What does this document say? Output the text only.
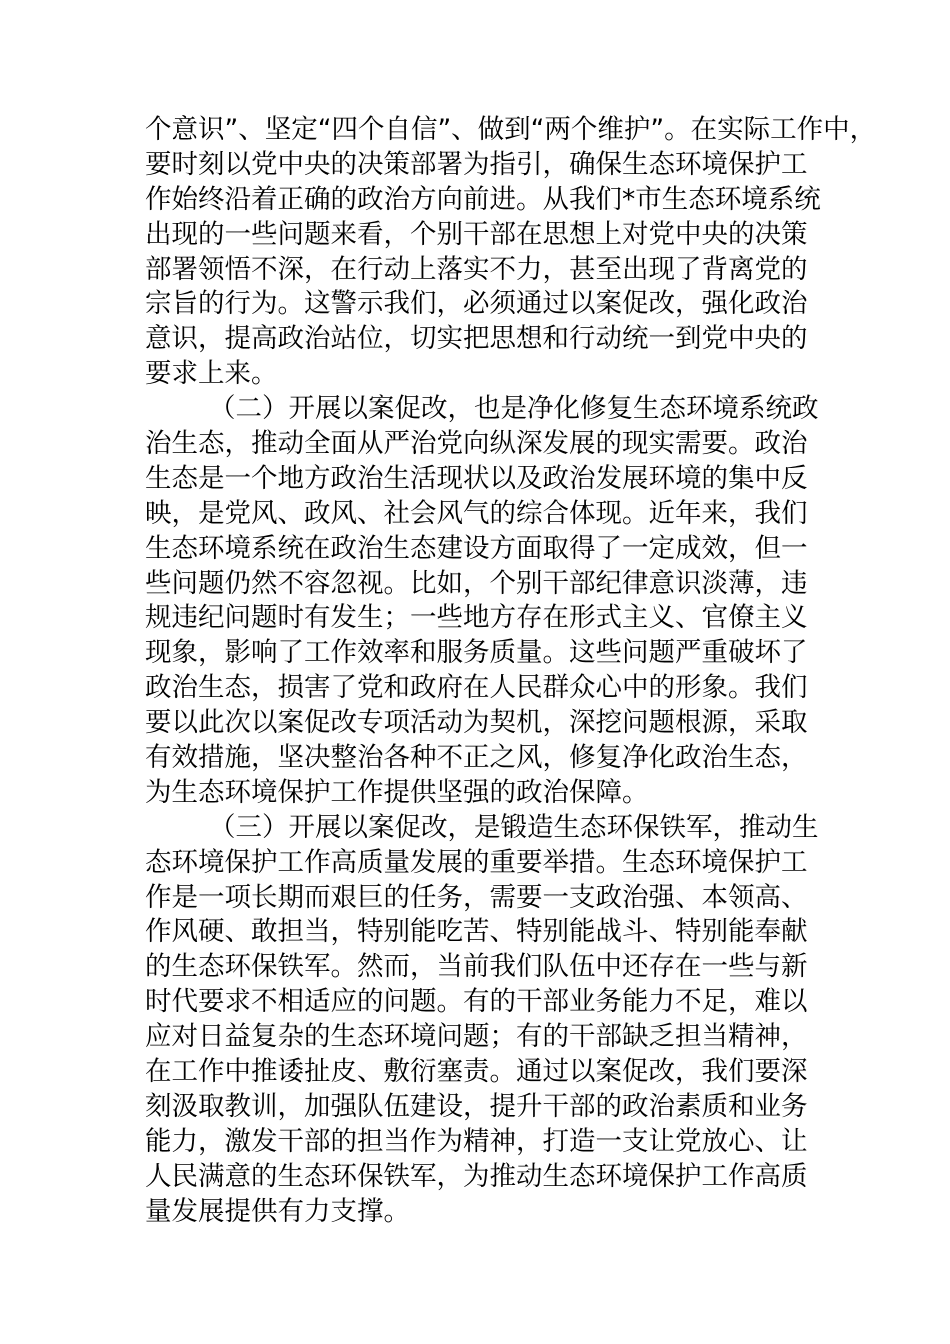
个意识”、坚定“四个自信”、做到“两个维护”。在实际工作中，
要时刻以党中央的决策部署为指引，确保生态环境保护工
作始终沿着正确的政治方向前进。从我们*市生态环境系统
出现的一些问题来看，个别干部在思想上对党中央的决策
部署领悟不深，在行动上落实不力，甚至出现了背离党的
宗旨的行为。这警示我们，必须通过以案促改，强化政治
意识，提高政治站位，切实把思想和行动统一到党中央的
要求上来。
（二）开展以案促改，也是净化修复生态环境系统政
治生态，推动全面从严治党向纵深发展的现实需要。政治
生态是一个地方政治生活现状以及政治发展环境的集中反
映，是党风、政风、社会风气的综合体现。近年来，我们
生态环境系统在政治生态建设方面取得了一定成效，但一
些问题仍然不容忽视。比如，个别干部纪律意识淡薄，违
规违纪问题时有发生；一些地方存在形式主义、官僚主义
现象，影响了工作效率和服务质量。这些问题严重破坏了
政治生态，损害了党和政府在人民群众心中的形象。我们
要以此次以案促改专项活动为契机，深挖问题根源，采取
有效措施，坚决整治各种不正之风，修复净化政治生态，
为生态环境保护工作提供坚强的政治保障。
（三）开展以案促改，是锻造生态环保铁军，推动生
态环境保护工作高质量发展的重要举措。生态环境保护工
作是一项长期而艰巨的任务，需要一支政治强、本领高、
作风硬、敢担当，特别能吃苦、特别能战斗、特别能奉献
的生态环保铁军。然而，当前我们队伍中还存在一些与新
时代要求不相适应的问题。有的干部业务能力不足，难以
应对日益复杂的生态环境问题；有的干部缺乏担当精神，
在工作中推诿扯皮、敷衍塞责。通过以案促改，我们要深
刻汲取教训，加强队伍建设，提升干部的政治素质和业务
能力，激发干部的担当作为精神，打造一支让党放心、让
人民满意的生态环保铁军，为推动生态环境保护工作高质
量发展提供有力支撑。
